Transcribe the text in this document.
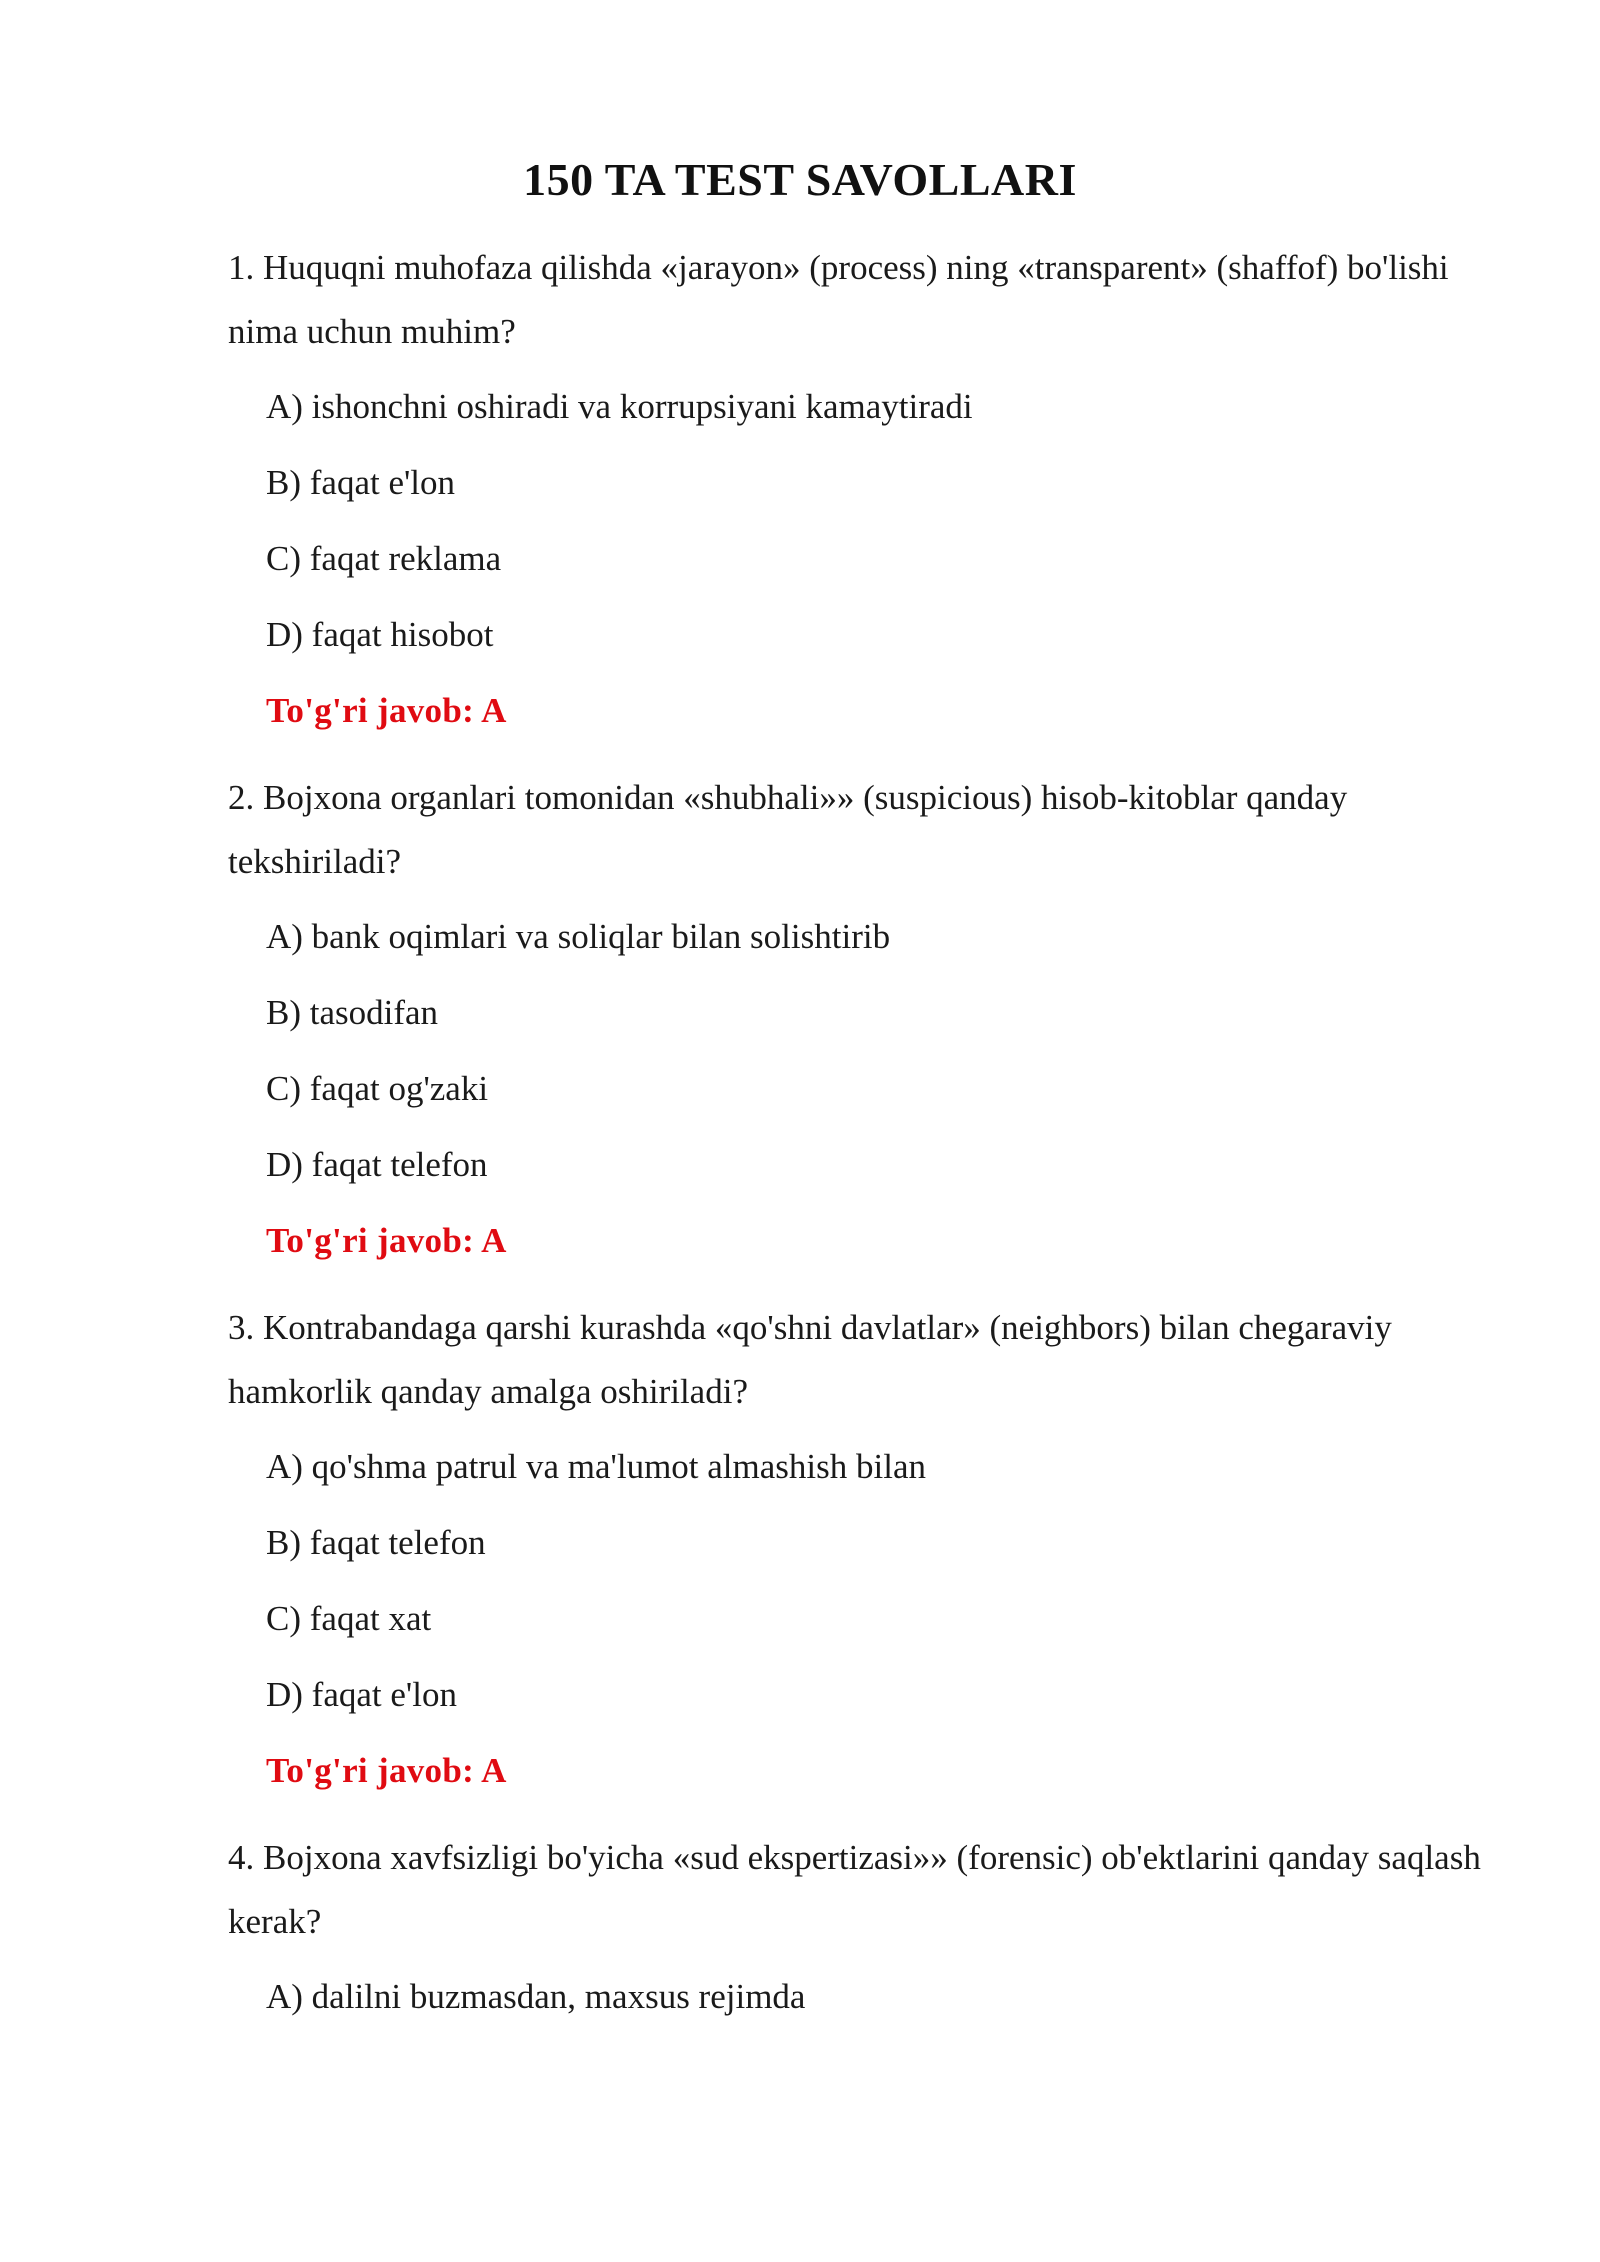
150 TA TEST SAVOLLARI

1. Huquqni muhofaza qilishda «jarayon» (process) ning «transparent» (shaffof) bo'lishi nima uchun muhim?

A) ishonchni oshiradi va korrupsiyani kamaytiradi

B) faqat e'lon

C) faqat reklama

D) faqat hisobot

To'g'ri javob: A

2. Bojxona organlari tomonidan «shubhali»» (suspicious) hisob-kitoblar qanday tekshiriladi?

A) bank oqimlari va soliqlar bilan solishtirib

B) tasodifan

C) faqat og'zaki

D) faqat telefon

To'g'ri javob: A

3. Kontrabandaga qarshi kurashda «qo'shni davlatlar» (neighbors) bilan chegaraviy hamkorlik qanday amalga oshiriladi?

A) qo'shma patrul va ma'lumot almashish bilan

B) faqat telefon

C) faqat xat

D) faqat e'lon

To'g'ri javob: A

4. Bojxona xavfsizligi bo'yicha «sud ekspertizasi»» (forensic) ob'ektlarini qanday saqlash kerak?

A) dalilni buzmasdan, maxsus rejimda
